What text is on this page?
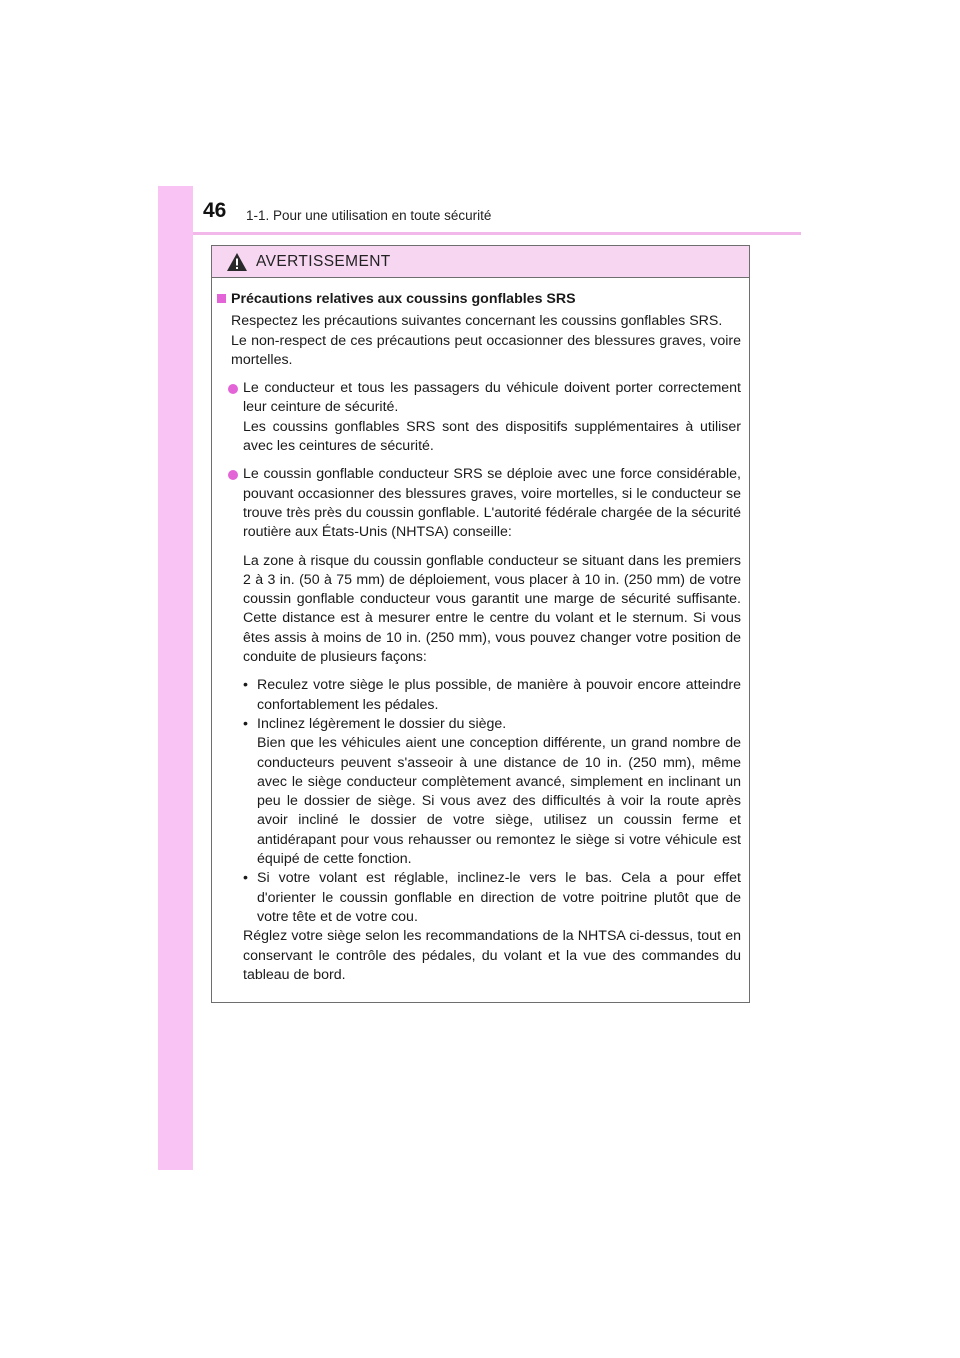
46 1-1. Pour une utilisation en toute sécurité
AVERTISSEMENT
Précautions relatives aux coussins gonflables SRS

Respectez les précautions suivantes concernant les coussins gonflables SRS.

Le non-respect de ces précautions peut occasionner des blessures graves, voire mortelles.

Le conducteur et tous les passagers du véhicule doivent porter correctement leur ceinture de sécurité.
Les coussins gonflables SRS sont des dispositifs supplémentaires à utiliser avec les ceintures de sécurité.
Le coussin gonflable conducteur SRS se déploie avec une force considérable, pouvant occasionner des blessures graves, voire mortelles, si le conducteur se trouve très près du coussin gonflable. L'autorité fédérale chargée de la sécurité routière aux États-Unis (NHTSA) conseille:
La zone à risque du coussin gonflable conducteur se situant dans les premiers 2 à 3 in. (50 à 75 mm) de déploiement, vous placer à 10 in. (250 mm) de votre coussin gonflable conducteur vous garantit une marge de sécurité suffisante. Cette distance est à mesurer entre le centre du volant et le sternum. Si vous êtes assis à moins de 10 in. (250 mm), vous pouvez changer votre position de conduite de plusieurs façons:
• Reculez votre siège le plus possible, de manière à pouvoir encore atteindre confortablement les pédales.
• Inclinez légèrement le dossier du siège.
Bien que les véhicules aient une conception différente, un grand nombre de conducteurs peuvent s'asseoir à une distance de 10 in. (250 mm), même avec le siège conducteur complètement avancé, simplement en inclinant un peu le dossier de siège. Si vous avez des difficultés à voir la route après avoir incliné le dossier de votre siège, utilisez un coussin ferme et antidérapant pour vous rehausser ou remontez le siège si votre véhicule est équipé de cette fonction.
• Si votre volant est réglable, inclinez-le vers le bas. Cela a pour effet d'orienter le coussin gonflable en direction de votre poitrine plutôt que de votre tête et de votre cou.
Réglez votre siège selon les recommandations de la NHTSA ci-dessus, tout en conservant le contrôle des pédales, du volant et la vue des commandes du tableau de bord.
